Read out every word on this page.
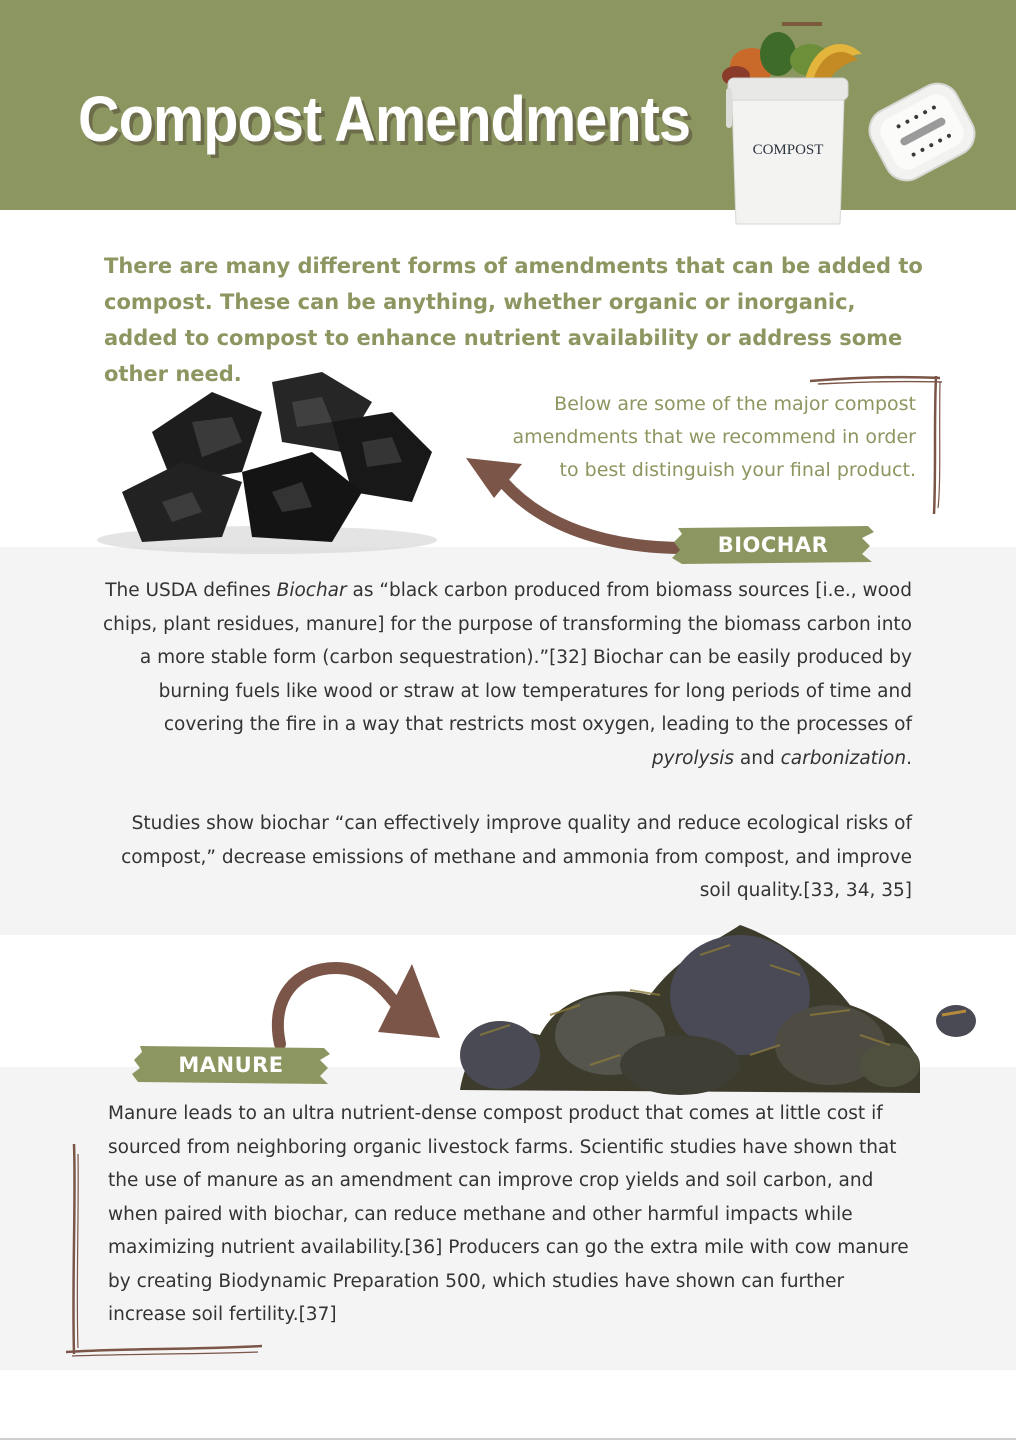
Compost Amendments	COMPOST

There are many different forms of amendments that can be added to compost. These can be anything, whether organic or inorganic, added to compost to enhance nutrient availability or address some other need.

Below are some of the major compost amendments that we recommend in order to best distinguish your final product.

BIOCHAR

The USDA defines Biochar as “black carbon produced from biomass sources [i.e., wood chips, plant residues, manure] for the purpose of transforming the biomass carbon into a more stable form (carbon sequestration).”[32] Biochar can be easily produced by burning fuels like wood or straw at low temperatures for long periods of time and covering the fire in a way that restricts most oxygen, leading to the processes of pyrolysis and carbonization.

Studies show biochar “can effectively improve quality and reduce ecological risks of compost,” decrease emissions of methane and ammonia from compost, and improve soil quality.[33, 34, 35]

MANURE

Manure leads to an ultra nutrient-dense compost product that comes at little cost if sourced from neighboring organic livestock farms. Scientific studies have shown that the use of manure as an amendment can improve crop yields and soil carbon, and when paired with biochar, can reduce methane and other harmful impacts while maximizing nutrient availability.[36] Producers can go the extra mile with cow manure by creating Biodynamic Preparation 500, which studies have shown can further increase soil fertility.[37]
